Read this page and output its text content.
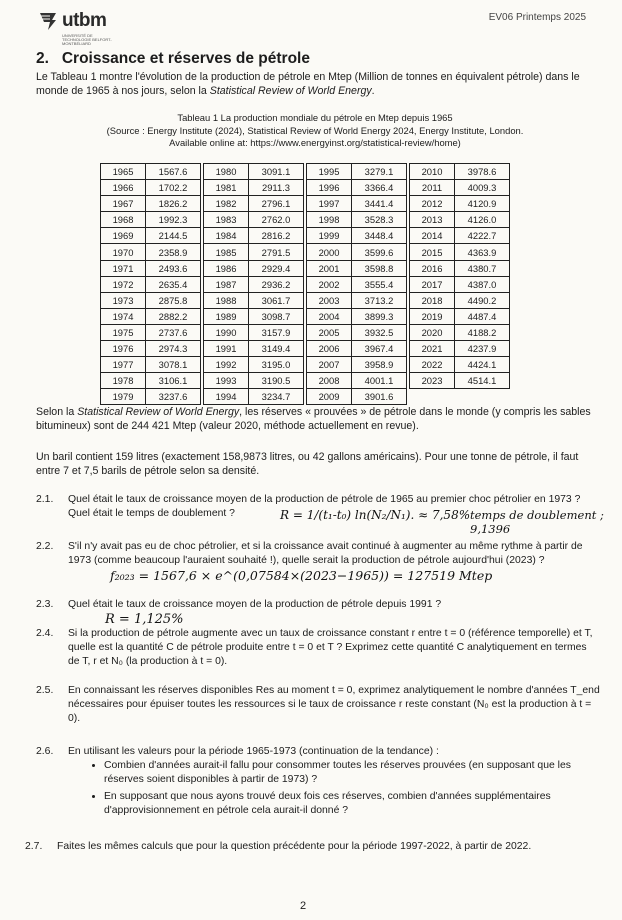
utbm
UNIVERSITÉ DE TECHNOLOGIE BELFORT-MONTBÉLIARD
EV06 Printemps 2025
2. Croissance et réserves de pétrole
Le Tableau 1 montre l'évolution de la production de pétrole en Mtep (Million de tonnes en équivalent pétrole) dans le monde de 1965 à nos jours, selon la Statistical Review of World Energy.
Tableau 1 La production mondiale du pétrole en Mtep depuis 1965
(Source : Energy Institute (2024), Statistical Review of World Energy 2024, Energy Institute, London.
Available online at: https://www.energyinst.org/statistical-review/home)
1965	1567.6		1980	3091.1		1995	3279.1		2010	3978.6
1966	1702.2		1981	2911.3		1996	3366.4		2011	4009.3
1967	1826.2		1982	2796.1		1997	3441.4		2012	4120.9
1968	1992.3		1983	2762.0		1998	3528.3		2013	4126.0
1969	2144.5		1984	2816.2		1999	3448.4		2014	4222.7
1970	2358.9		1985	2791.5		2000	3599.6		2015	4363.9
1971	2493.6		1986	2929.4		2001	3598.8		2016	4380.7
1972	2635.4		1987	2936.2		2002	3555.4		2017	4387.0
1973	2875.8		1988	3061.7		2003	3713.2		2018	4490.2
1974	2882.2		1989	3098.7		2004	3899.3		2019	4487.4
1975	2737.6		1990	3157.9		2005	3932.5		2020	4188.2
1976	2974.3		1991	3149.4		2006	3967.4		2021	4237.9
1977	3078.1		1992	3195.0		2007	3958.9		2022	4424.1
1978	3106.1		1993	3190.5		2008	4001.1		2023	4514.1
1979	3237.6		1994	3234.7		2009	3901.6			
Selon la Statistical Review of World Energy, les réserves « prouvées » de pétrole dans le monde (y compris les sables bitumineux) sont de 244 421 Mtep (valeur 2020, méthode actuellement en revue).
Un baril contient 159 litres (exactement 158,9873 litres, ou 42 gallons américains). Pour une tonne de pétrole, il faut entre 7 et 7,5 barils de pétrole selon sa densité.
2.1. Quel était le taux de croissance moyen de la production de pétrole de 1965 au premier choc pétrolier en 1973 ? Quel était le temps de doublement ?	R = 1/(t₁-t₀) ln(N₂/N₁). ≈ 7,58% temps de doublement ; 9,1396
2.2. S'il n'y avait pas eu de choc pétrolier, et si la croissance avait continué à augmenter au même rythme à partir de 1973 (comme beaucoup l'auraient souhaité !), quelle serait la production de pétrole aujourd'hui (2023) ?
f₂₀₂₃ = 1567,6 × e^(0,07584×(2023−1965)) = 127519 Mtep
2.3. Quel était le taux de croissance moyen de la production de pétrole depuis 1991 ?
R = 1,125%
2.4. Si la production de pétrole augmente avec un taux de croissance constant r entre t = 0 (référence temporelle) et T, quelle est la quantité C de pétrole produite entre t = 0 et T ? Exprimez cette quantité C analytiquement en termes de T, r et N₀ (la production à t = 0).
2.5. En connaissant les réserves disponibles Res au moment t = 0, exprimez analytiquement le nombre d'années T_end nécessaires pour épuiser toutes les ressources si le taux de croissance r reste constant (N₀ est la production à t = 0).
2.6. En utilisant les valeurs pour la période 1965-1973 (continuation de la tendance) :
• Combien d'années aurait-il fallu pour consommer toutes les réserves prouvées (en supposant que les réserves soient disponibles à partir de 1973) ?
• En supposant que nous ayons trouvé deux fois ces réserves, combien d'années supplémentaires d'approvisionnement en pétrole cela aurait-il donné ?
2.7. Faites les mêmes calculs que pour la question précédente pour la période 1997-2022, à partir de 2022.
2
